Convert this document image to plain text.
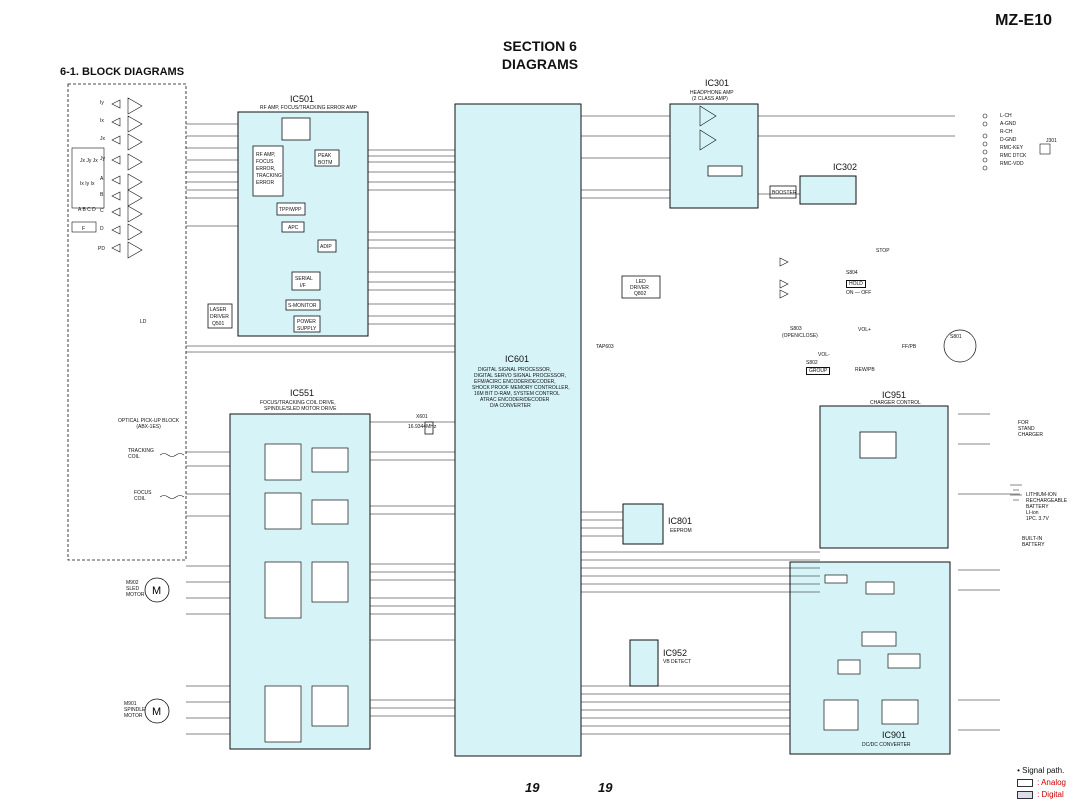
MZ-E10
SECTION 6
DIAGRAMS
6-1. BLOCK DIAGRAMS
Jx Jy Jx
Ix Iy Ix
A B C D
F
Iy
Ix
Jx
Jy
A
B
C
D
PD
IC501
RF AMP, FOCUS/TRACKING ERROR AMP
RF AMP,
FOCUS
ERROR,
TRACKING
ERROR
PEAK
BOTM
TPP/WPP
APC
ADIP
SERIAL
I/F
S-MONITOR
POWER
SUPPLY
LASER
DRIVER
Q501
LD
IC601
DIGITAL SIGNAL PROCESSOR,
DIGITAL SERVO SIGNAL PROCESSOR,
EFM/ACIRC ENCODER/DECODER,
SHOCK PROOF MEMORY CONTROLLER,
16M BIT D-RAM, SYSTEM CONTROL
ATRAC ENCODER/DECODER
D/A CONVERTER
IC551
FOCUS/TRACKING COIL DRIVE,
SPINDLE/SLED MOTOR DRIVE
IC301
HEADPHONE AMP
(2 CLASS AMP)
IC302
BOOSTER
IC801
EEPROM
IC951
CHARGER CONTROL
IC952
VB DETECT
IC901
DC/DC CONVERTER
M
M
LED
DRIVER
Q802
X601
16.9344MHz
OPTICAL PICK-UP BLOCK
(ABX-1ES)
TRACKING
COIL
FOCUS
COIL
M902
SLED
MOTOR
M901
SPINDLE
MOTOR
TAP603
S804
HOLD
ON — OFF
S803
(OPEN/CLOSE)
S802
GROUP
S801
REW/PB
FF/PB
VOL+
VOL-
STOP
L-CH
A-GND
R-CH
D-GND
RMC-KEY
RMC DTCK
RMC-VDD
J301
FOR
STAND
CHARGER
LITHIUM-ION
RECHARGEABLE
BATTERY
LI-ion
1PC. 3.7V
BUILT-IN
BATTERY
19	19
• Signal path.
: Analog
: Digital
